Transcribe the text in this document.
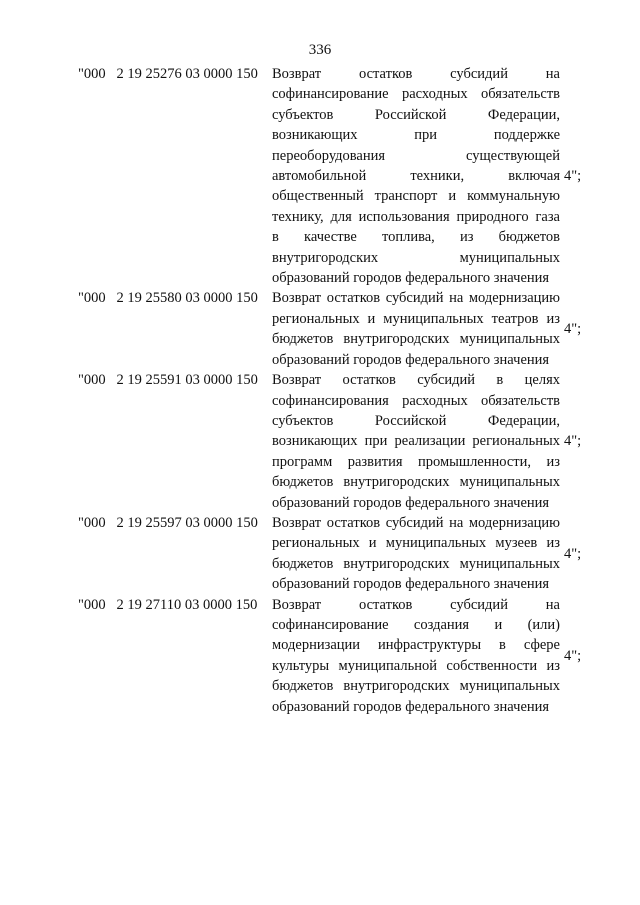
336
"000   2 19 25276 03 0000 150 Возврат остатков субсидий на
софинансирование расходных обязательств
субъектов Российской Федерации,
возникающих при поддержке
переоборудования существующей
автомобильной техники, включая
общественный транспорт и коммунальную
технику, для использования природного газа
в качестве топлива, из бюджетов
внутригородских муниципальных
образований городов федерального значения
4";
"000   2 19 25580 03 0000 150 Возврат остатков субсидий на модернизацию
региональных и муниципальных театров из
бюджетов внутригородских муниципальных
образований городов федерального значения
4";
"000   2 19 25591 03 0000 150 Возврат остатков субсидий в целях
софинансирования расходных обязательств
субъектов Российской Федерации,
возникающих при реализации региональных
программ развития промышленности, из
бюджетов внутригородских муниципальных
образований городов федерального значения
4";
"000   2 19 25597 03 0000 150 Возврат остатков субсидий на модернизацию
региональных и муниципальных музеев из
бюджетов внутригородских муниципальных
образований городов федерального значения
4";
"000   2 19 27110 03 0000 150	Возврат остатков субсидий на
софинансирование создания и (или)
модернизации инфраструктуры в сфере
культуры муниципальной собственности из
бюджетов внутригородских муниципальных
образований городов федерального значения
4";
